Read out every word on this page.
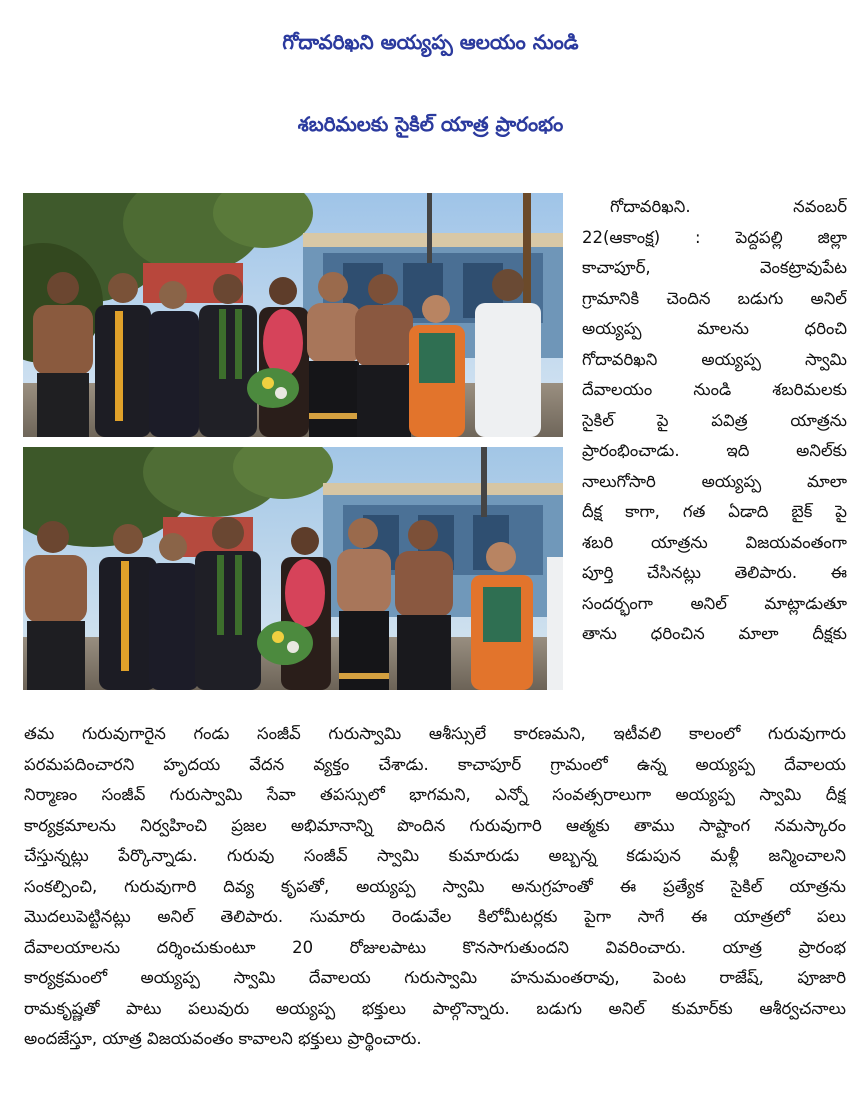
గోదావరిఖని అయ్యప్ప ఆలయం నుండి
శబరిమలకు సైకిల్ యాత్ర ప్రారంభం
గోదావరిఖని. నవంబర్
22(ఆకాంక్ష) : పెద్దపల్లి జిల్లా
కాచాపూర్, వెంకట్రావుపేట
గ్రామానికి చెందిన బడుగు అనిల్
అయ్యప్ప మాలను ధరించి
గోదావరిఖని అయ్యప్ప స్వామి
దేవాలయం నుండి శబరిమలకు
సైకిల్ పై పవిత్ర యాత్రను
ప్రారంభించాడు. ఇది అనిల్‌కు
నాలుగోసారి అయ్యప్ప మాలా
దీక్ష కాగా, గత ఏడాది బైక్ పై
శబరి యాత్రను విజయవంతంగా
పూర్తి చేసినట్లు తెలిపారు. ఈ
సందర్భంగా అనిల్ మాట్లాడుతూ
తాను ధరించిన మాలా దీక్షకు
తమ గురువుగారైన గండు సంజీవ్ గురుస్వామి ఆశీస్సులే కారణమని, ఇటీవలి కాలంలో గురువుగారు
పరమపదించారని హృదయ వేదన వ్యక్తం చేశాడు. కాచాపూర్ గ్రామంలో ఉన్న అయ్యప్ప దేవాలయ
నిర్మాణం సంజీవ్ గురుస్వామి సేవా తపస్సులో భాగమని, ఎన్నో సంవత్సరాలుగా అయ్యప్ప స్వామి దీక్ష
కార్యక్రమాలను నిర్వహించి ప్రజల అభిమానాన్ని పొందిన గురువుగారి ఆత్మకు తాము సాష్టాంగ నమస్కారం
చేస్తున్నట్లు పేర్కొన్నాడు. గురువు సంజీవ్ స్వామి కుమారుడు అబ్బన్న కడుపున మళ్లీ జన్మించాలని
సంకల్పించి, గురువుగారి దివ్య కృపతో, అయ్యప్ప స్వామి అనుగ్రహంతో ఈ ప్రత్యేక సైకిల్ యాత్రను
మొదలుపెట్టినట్లు అనిల్ తెలిపారు. సుమారు రెండువేల కిలోమీటర్లకు పైగా సాగే ఈ యాత్రలో పలు
దేవాలయాలను దర్శించుకుంటూ 20 రోజులపాటు కొనసాగుతుందని వివరించారు. యాత్ర ప్రారంభ
కార్యక్రమంలో అయ్యప్ప స్వామి దేవాలయ గురుస్వామి హనుమంతరావు, పెంట రాజేష్, పూజారి
రామకృష్ణతో పాటు పలువురు అయ్యప్ప భక్తులు పాల్గొన్నారు. బడుగు అనిల్ కుమార్‌కు ఆశీర్వచనాలు
అందజేస్తూ, యాత్ర విజయవంతం కావాలని భక్తులు ప్రార్థించారు.
